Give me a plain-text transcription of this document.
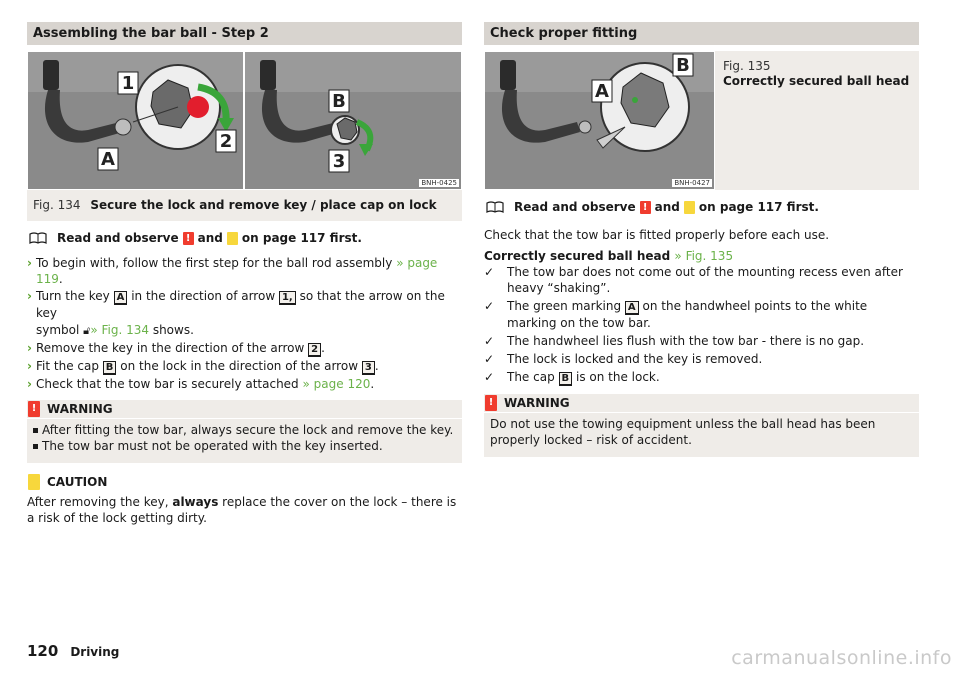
Assembling the bar ball - Step 2
1
2
A
B
3
BNH-0425
Fig. 134 Secure the lock and remove key / place cap on lock
Read and observe ! and ! on page 117 first.
› To begin with, follow the first step for the ball rod assembly » page 119.
› Turn the key A in the direction of arrow 1, so that the arrow on the key
symbol 🔓︎» Fig. 134 shows.
› Remove the key in the direction of the arrow 2 .
› Fit the cap B on the lock in the direction of the arrow 3 .
› Check that the tow bar is securely attached » page 120.
! WARNING
After fitting the tow bar, always secure the lock and remove the key.
The tow bar must not be operated with the key inserted.
! CAUTION
After removing the key, always replace the cover on the lock – there is a risk of the lock getting dirty.
Check proper fitting
A
B
BNH-0427
Fig. 135
Correctly secured ball head
Read and observe ! and ! on page 117 first.
Check that the tow bar is fitted properly before each use.
Correctly secured ball head » Fig. 135
✓ The tow bar does not come out of the mounting recess even after heavy “shaking”.
✓ The green marking A on the handwheel points to the white marking on the tow bar.
✓ The handwheel lies flush with the tow bar - there is no gap.
✓ The lock is locked and the key is removed.
✓ The cap B is on the lock.
! WARNING
Do not use the towing equipment unless the ball head has been properly locked – risk of accident.
120 Driving	carmanualsonline.info
